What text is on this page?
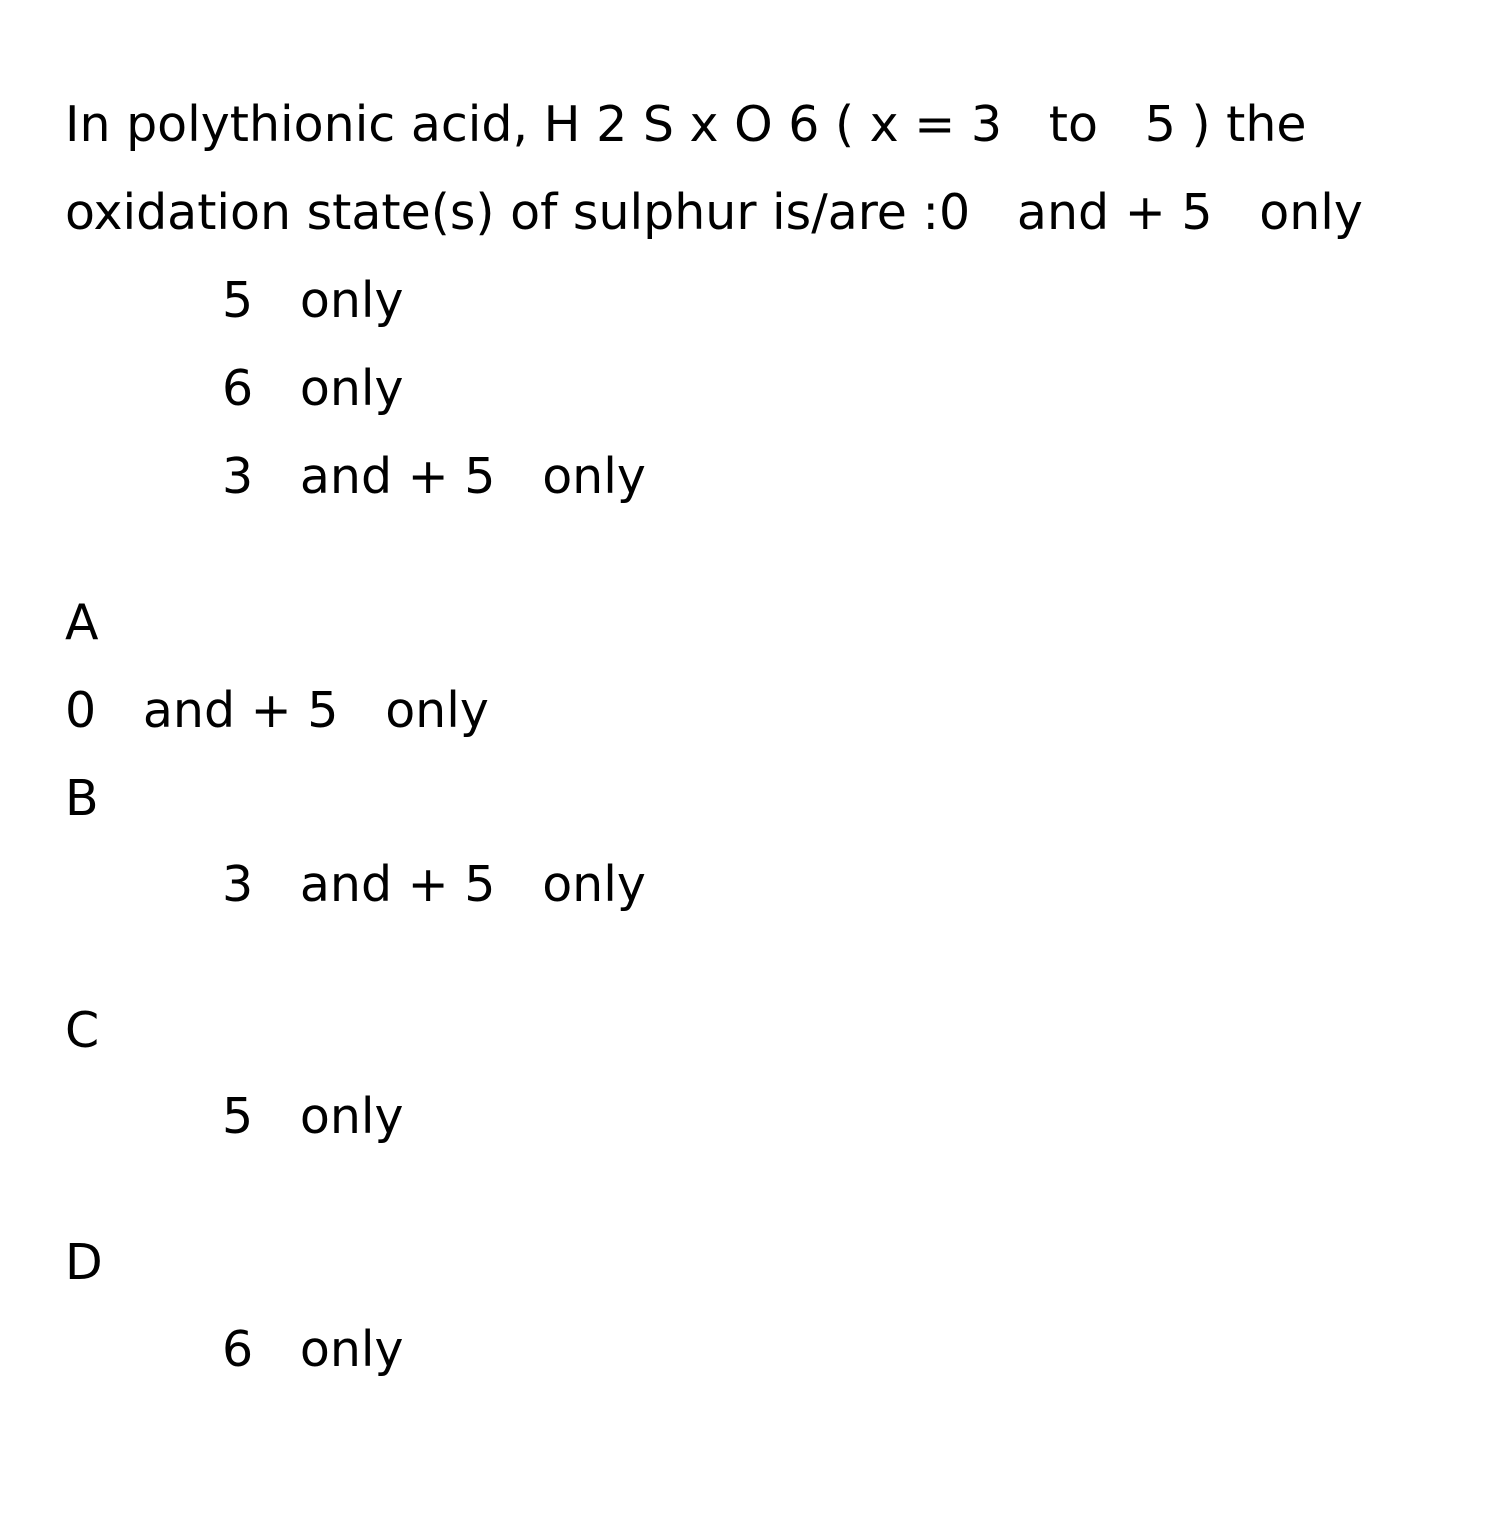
In polythionic acid, H 2 S x O 6 ( x = 3   to   5 ) the
oxidation state(s) of sulphur is/are :0   and + 5   only
5   only
6   only
3   and + 5   only
A
0   and + 5   only
B
3   and + 5   only
C
5   only
D
6   only
